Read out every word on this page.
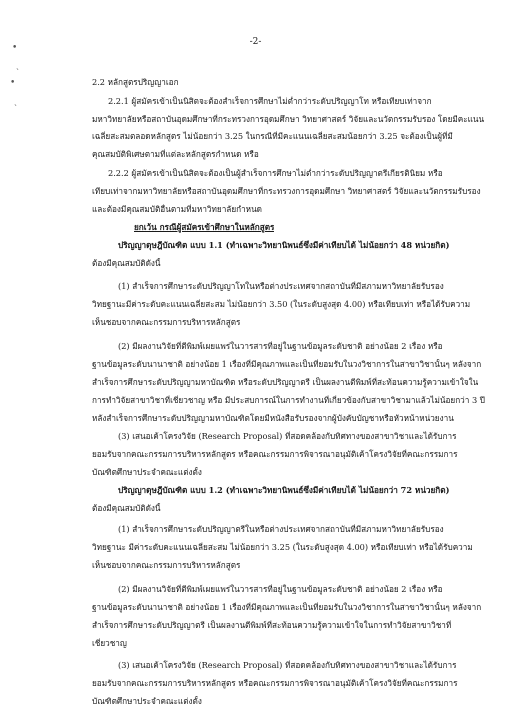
-2-
•
ˎ
•
ˎ
2.2 หลักสูตรปริญญาเอก
2.2.1 ผู้สมัครเข้าเป็นนิสิตจะต้องสำเร็จการศึกษาไม่ต่ำกว่าระดับปริญญาโท หรือเทียบเท่าจาก
มหาวิทยาลัยหรือสถาบันอุดมศึกษาที่กระทรวงการอุดมศึกษา วิทยาศาสตร์ วิจัยและนวัตกรรมรับรอง โดยมีคะแนน
เฉลี่ยสะสมตลอดหลักสูตร ไม่น้อยกว่า 3.25 ในกรณีที่มีคะแนนเฉลี่ยสะสมน้อยกว่า 3.25 จะต้องเป็นผู้ที่มี
คุณสมบัติพิเศษตามที่แต่ละหลักสูตรกำหนด หรือ
2.2.2 ผู้สมัครเข้าเป็นนิสิตจะต้องเป็นผู้สำเร็จการศึกษาไม่ต่ำกว่าระดับปริญญาตรีเกียรตินิยม หรือ
เทียบเท่าจากมหาวิทยาลัยหรือสถาบันอุดมศึกษาที่กระทรวงการอุดมศึกษา วิทยาศาสตร์ วิจัยและนวัตกรรมรับรอง
และต้องมีคุณสมบัติอื่นตามที่มหาวิทยาลัยกำหนด
ยกเว้น กรณีผู้สมัครเข้าศึกษาในหลักสูตร
ปริญญาดุษฎีบัณฑิต แบบ 1.1 (ทำเฉพาะวิทยานิพนธ์ซึ่งมีค่าเทียบได้ ไม่น้อยกว่า 48 หน่วยกิต)
ต้องมีคุณสมบัติดังนี้
(1) สำเร็จการศึกษาระดับปริญญาโทในหรือต่างประเทศจากสถาบันที่มีสภามหาวิทยาลัยรับรอง
วิทยฐานะมีค่าระดับคะแนนเฉลี่ยสะสม ไม่น้อยกว่า 3.50 (ในระดับสูงสุด 4.00) หรือเทียบเท่า หรือได้รับความ
เห็นชอบจากคณะกรรมการบริหารหลักสูตร
(2) มีผลงานวิจัยที่ตีพิมพ์เผยแพร่ในวารสารที่อยู่ในฐานข้อมูลระดับชาติ อย่างน้อย 2 เรื่อง หรือ
ฐานข้อมูลระดับนานาชาติ อย่างน้อย 1 เรื่องที่มีคุณภาพและเป็นที่ยอมรับในวงวิชาการในสาขาวิชานั้นๆ หลังจาก
สำเร็จการศึกษาระดับปริญญามหาบัณฑิต หรือระดับปริญญาตรี เป็นผลงานตีพิมพ์ที่สะท้อนความรู้ความเข้าใจใน
การทำวิจัยสาขาวิชาที่เชี่ยวชาญ หรือ มีประสบการณ์ในการทำงานที่เกี่ยวข้องกับสาขาวิชามาแล้วไม่น้อยกว่า 3 ปี
หลังสำเร็จการศึกษาระดับปริญญามหาบัณฑิตโดยมีหนังสือรับรองจากผู้บังคับบัญชาหรือหัวหน้าหน่วยงาน
(3) เสนอเค้าโครงวิจัย (Research Proposal) ที่สอดคล้องกับทิศทางของสาขาวิชาและได้รับการ
ยอมรับจากคณะกรรมการบริหารหลักสูตร หรือคณะกรรมการพิจารณาอนุมัติเค้าโครงวิจัยที่คณะกรรมการ
บัณฑิตศึกษาประจำคณะแต่งตั้ง
ปริญญาดุษฎีบัณฑิต แบบ 1.2 (ทำเฉพาะวิทยานิพนธ์ซึ่งมีค่าเทียบได้ ไม่น้อยกว่า 72 หน่วยกิต)
ต้องมีคุณสมบัติดังนี้
(1) สำเร็จการศึกษาระดับปริญญาตรีในหรือต่างประเทศจากสถาบันที่มีสภามหาวิทยาลัยรับรอง
วิทยฐานะ มีค่าระดับคะแนนเฉลี่ยสะสม ไม่น้อยกว่า 3.25 (ในระดับสูงสุด 4.00) หรือเทียบเท่า หรือได้รับความ
เห็นชอบจากคณะกรรมการบริหารหลักสูตร
(2) มีผลงานวิจัยที่ตีพิมพ์เผยแพร่ในวารสารที่อยู่ในฐานข้อมูลระดับชาติ อย่างน้อย 2 เรื่อง หรือ
ฐานข้อมูลระดับนานาชาติ อย่างน้อย 1 เรื่องที่มีคุณภาพและเป็นที่ยอมรับในวงวิชาการในสาขาวิชานั้นๆ หลังจาก
สำเร็จการศึกษาระดับปริญญาตรี เป็นผลงานตีพิมพ์ที่สะท้อนความรู้ความเข้าใจในการทำวิจัยสาขาวิชาที่
เชี่ยวชาญ
(3) เสนอเค้าโครงวิจัย (Research Proposal) ที่สอดคล้องกับทิศทางของสาขาวิชาและได้รับการ
ยอมรับจากคณะกรรมการบริหารหลักสูตร หรือคณะกรรมการพิจารณาอนุมัติเค้าโครงวิจัยที่คณะกรรมการ
บัณฑิตศึกษาประจำคณะแต่งตั้ง
